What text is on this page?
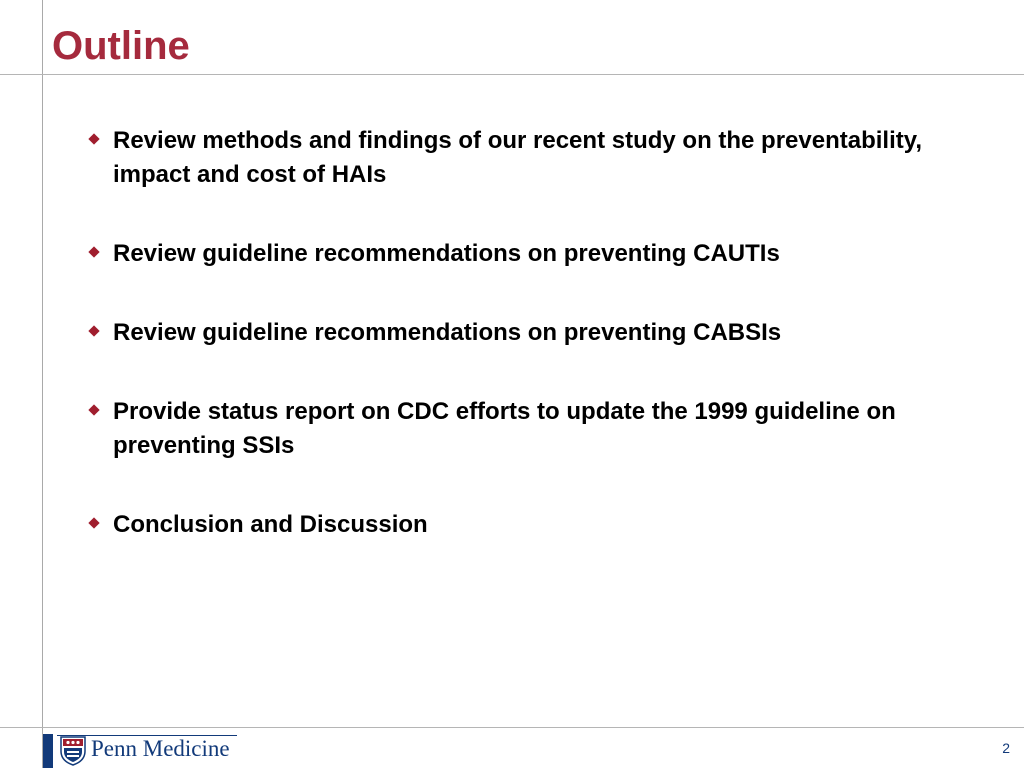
Outline
Review methods and findings of our recent study on the preventability, impact and cost of HAIs
Review guideline recommendations on preventing CAUTIs
Review guideline recommendations on preventing CABSIs
Provide status report on CDC efforts to update the 1999 guideline on preventing SSIs
Conclusion and Discussion
Penn Medicine	2
